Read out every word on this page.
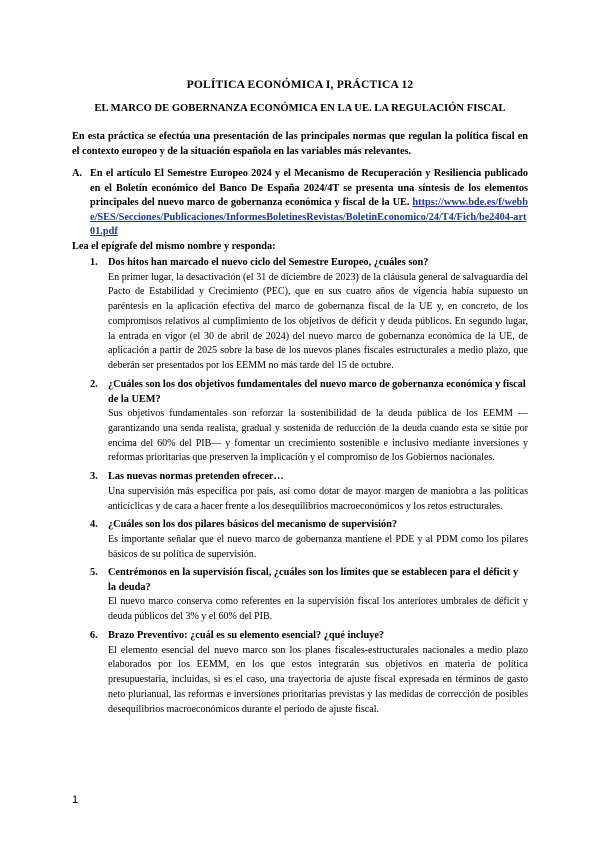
POLÍTICA ECONÓMICA I, PRÁCTICA 12
EL MARCO DE GOBERNANZA ECONÓMICA EN LA UE. LA REGULACIÓN FISCAL
En esta práctica se efectúa una presentación de las principales normas que regulan la política fiscal en el contexto europeo y de la situación española en las variables más relevantes.
A. En el artículo El Semestre Europeo 2024 y el Mecanismo de Recuperación y Resiliencia publicado en el Boletín económico del Banco De España 2024/4T se presenta una síntesis de los elementos principales del nuevo marco de gobernanza económica y fiscal de la UE. https://www.bde.es/f/webbe/SES/Secciones/Publicaciones/InformesBoletinesRevistas/BoletinEconomico/24/T4/Fich/be2404-art01.pdf
Lea el epígrafe del mismo nombre y responda:
1. Dos hitos han marcado el nuevo ciclo del Semestre Europeo, ¿cuáles son?
En primer lugar, la desactivación (el 31 de diciembre de 2023) de la cláusula general de salvaguardia del Pacto de Estabilidad y Crecimiento (PEC), que en sus cuatro años de vigencia había supuesto un paréntesis en la aplicación efectiva del marco de gobernanza fiscal de la UE y, en concreto, de los compromisos relativos al cumplimiento de los objetivos de déficit y deuda públicos. En segundo lugar, la entrada en vigor (el 30 de abril de 2024) del nuevo marco de gobernanza económica de la UE, de aplicación a partir de 2025 sobre la base de los nuevos planes fiscales estructurales a medio plazo, que deberán ser presentados por los EEMM no más tarde del 15 de octubre.
2. ¿Cuáles son los dos objetivos fundamentales del nuevo marco de gobernanza económica y fiscal de la UEM?
Sus objetivos fundamentales son reforzar la sostenibilidad de la deuda pública de los EEMM —garantizando una senda realista, gradual y sostenida de reducción de la deuda cuando esta se sitúe por encima del 60% del PIB— y fomentar un crecimiento sostenible e inclusivo mediante inversiones y reformas prioritarias que preserven la implicación y el compromiso de los Gobiernos nacionales.
3. Las nuevas normas pretenden ofrecer…
Una supervisión más específica por país, así como dotar de mayor margen de maniobra a las políticas anticíclicas y de cara a hacer frente a los desequilibrios macroeconómicos y los retos estructurales.
4. ¿Cuáles son los dos pilares básicos del mecanismo de supervisión?
Es importante señalar que el nuevo marco de gobernanza mantiene el PDE y al PDM como los pilares básicos de su política de supervisión.
5. Centrémonos en la supervisión fiscal, ¿cuáles son los límites que se establecen para el déficit y la deuda?
El nuevo marco conserva como referentes en la supervisión fiscal los anteriores umbrales de déficit y deuda públicos del 3% y el 60% del PIB.
6. Brazo Preventivo: ¿cuál es su elemento esencial? ¿qué incluye?
El elemento esencial del nuevo marco son los planes fiscales-estructurales nacionales a medio plazo elaborados por los EEMM, en los que estos integrarán sus objetivos en materia de política presupuestaria, incluidas, si es el caso, una trayectoria de ajuste fiscal expresada en términos de gasto neto plurianual, las reformas e inversiones prioritarias previstas y las medidas de corrección de posibles desequilibrios macroeconómicos durante el período de ajuste fiscal.
1
